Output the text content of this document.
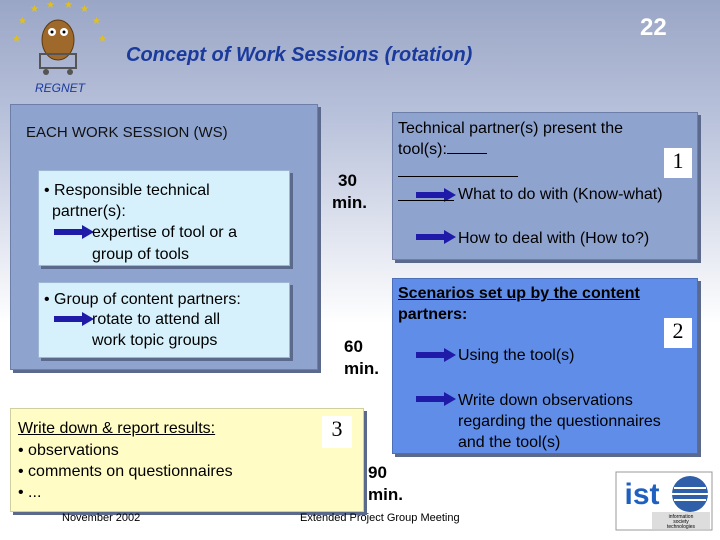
★
★ ★ ★ ★
★
★	★
REGNET
22
Concept of Work Sessions (rotation)
EACH WORK SESSION (WS)
• Responsible technical
partner(s):
expertise of tool or a
group of tools
• Group of content partners:
rotate to attend all
work topic groups
30
min.
60
min.
90
min.
Technical partner(s) present the
tool(s):	1
What to do with (Know-what)
How to deal with (How to?)
Scenarios set up by the content
partners:
2
Using the tool(s)
Write down observations
regarding the questionnaires
and the tool(s)
Write down & report results:
• observations
• comments on questionnaires
• ...
3
November 2002	Extended Project Group Meeting
ist
information
society
technologies
